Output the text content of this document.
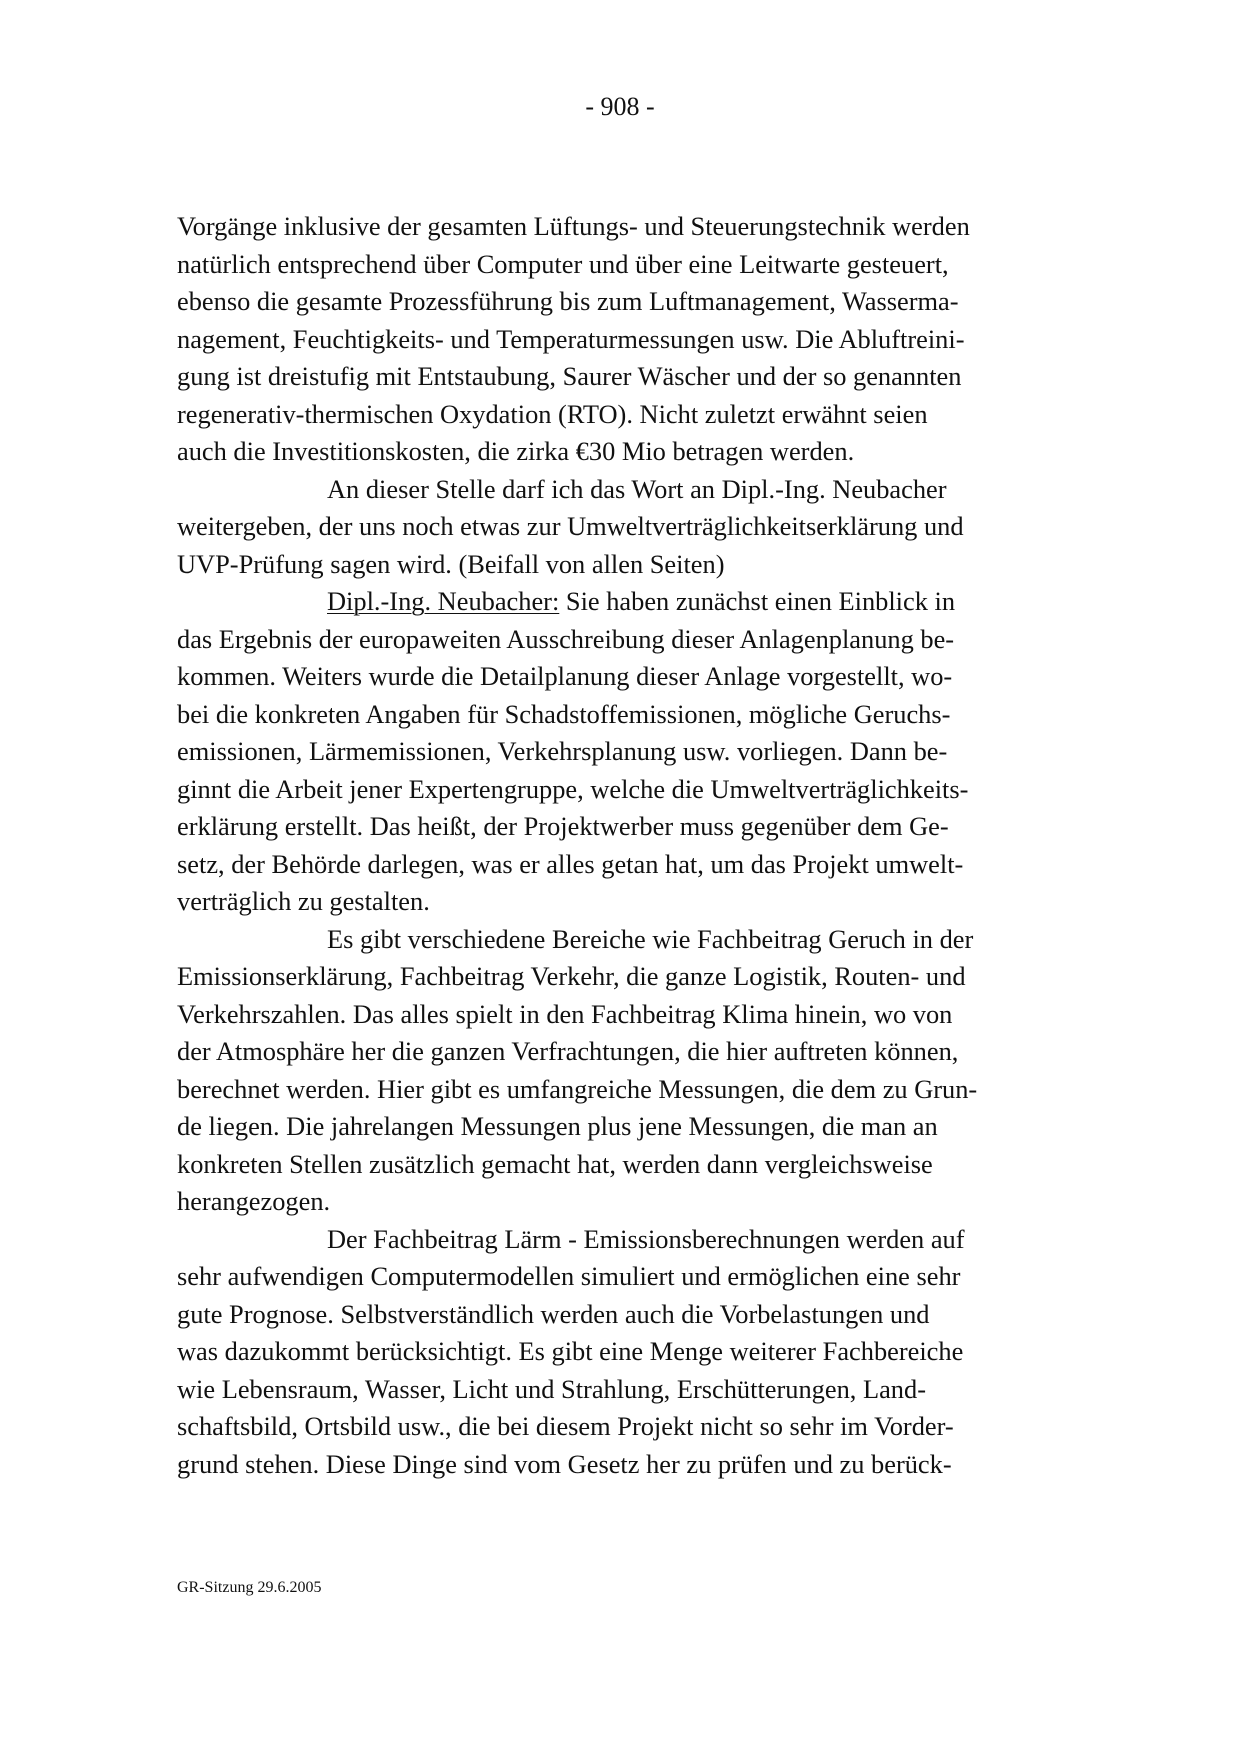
- 908 -
Vorgänge inklusive der gesamten Lüftungs- und Steuerungstechnik werden
natürlich entsprechend über Computer und über eine Leitwarte gesteuert,
ebenso die gesamte Prozessführung bis zum Luftmanagement, Wasserma-
nagement, Feuchtigkeits- und Temperaturmessungen usw. Die Abluftreini-
gung ist dreistufig mit Entstaubung, Saurer Wäscher und der so genannten
regenerativ-thermischen Oxydation (RTO). Nicht zuletzt erwähnt seien
auch die Investitionskosten, die zirka €30 Mio betragen werden.
An dieser Stelle darf ich das Wort an Dipl.-Ing. Neubacher
weitergeben, der uns noch etwas zur Umweltverträglichkeitserklärung und
UVP-Prüfung sagen wird. (Beifall von allen Seiten)
Dipl.-Ing. Neubacher: Sie haben zunächst einen Einblick in
das Ergebnis der europaweiten Ausschreibung dieser Anlagenplanung be-
kommen. Weiters wurde die Detailplanung dieser Anlage vorgestellt, wo-
bei die konkreten Angaben für Schadstoffemissionen, mögliche Geruchs-
emissionen, Lärmemissionen, Verkehrsplanung usw. vorliegen. Dann be-
ginnt die Arbeit jener Expertengruppe, welche die Umweltverträglichkeits-
erklärung erstellt. Das heißt, der Projektwerber muss gegenüber dem Ge-
setz, der Behörde darlegen, was er alles getan hat, um das Projekt umwelt-
verträglich zu gestalten.
Es gibt verschiedene Bereiche wie Fachbeitrag Geruch in der
Emissionserklärung, Fachbeitrag Verkehr, die ganze Logistik, Routen- und
Verkehrszahlen. Das alles spielt in den Fachbeitrag Klima hinein, wo von
der Atmosphäre her die ganzen Verfrachtungen, die hier auftreten können,
berechnet werden. Hier gibt es umfangreiche Messungen, die dem zu Grun-
de liegen. Die jahrelangen Messungen plus jene Messungen, die man an
konkreten Stellen zusätzlich gemacht hat, werden dann vergleichsweise
herangezogen.
Der Fachbeitrag Lärm - Emissionsberechnungen werden auf
sehr aufwendigen Computermodellen simuliert und ermöglichen eine sehr
gute Prognose. Selbstverständlich werden auch die Vorbelastungen und
was dazukommt berücksichtigt. Es gibt eine Menge weiterer Fachbereiche
wie Lebensraum, Wasser, Licht und Strahlung, Erschütterungen, Land-
schaftsbild, Ortsbild usw., die bei diesem Projekt nicht so sehr im Vorder-
grund stehen. Diese Dinge sind vom Gesetz her zu prüfen und zu berück-
GR-Sitzung 29.6.2005
